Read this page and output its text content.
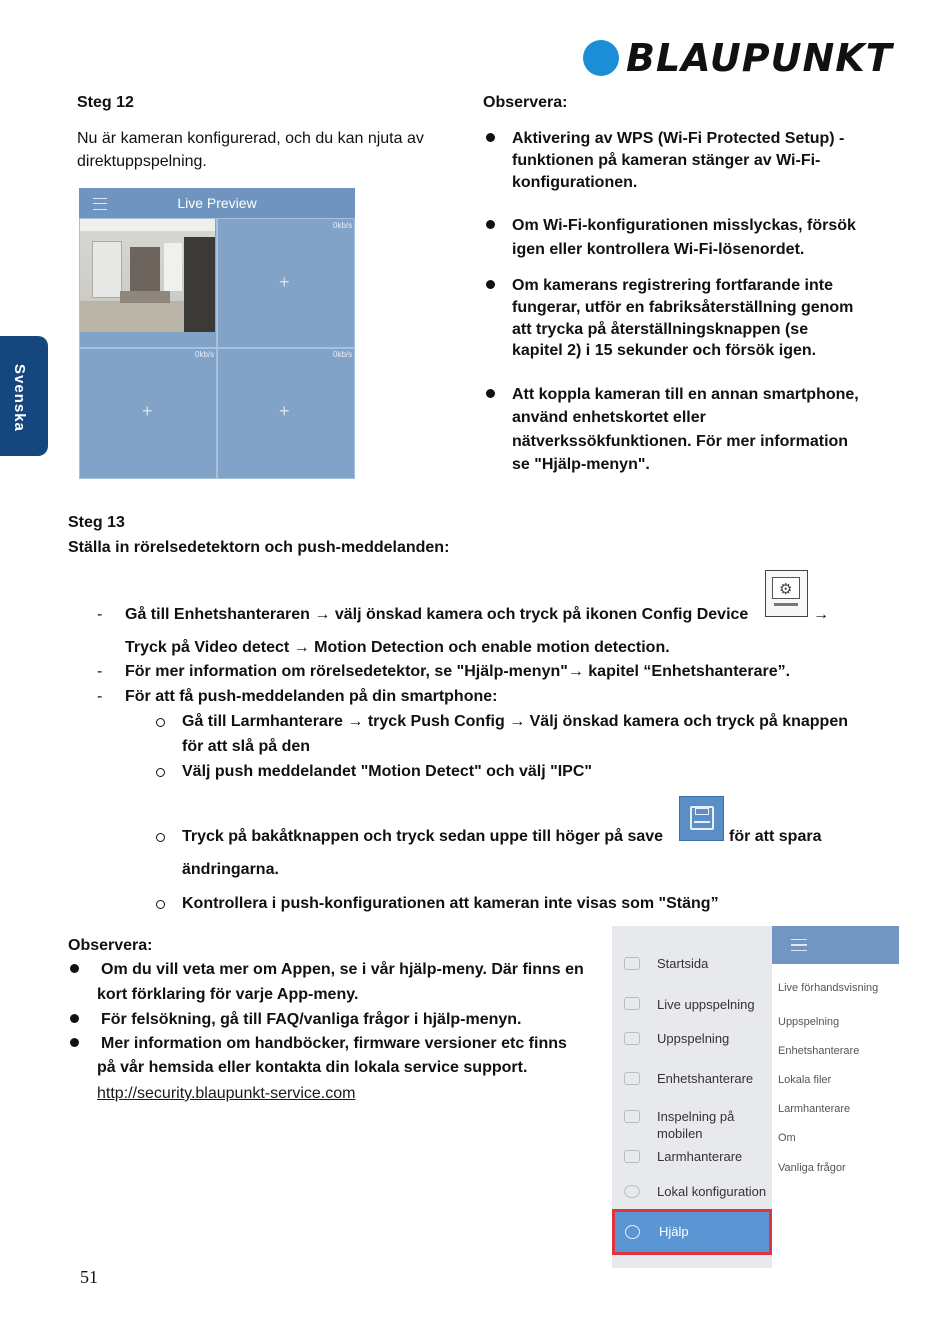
BLAUPUNKT
Svenska
Steg 12
Nu är kameran konfigurerad, och du kan njuta av
direktuppspelning.
Live Preview
0kb/s
0kb/s	0kb/s
+
+	+
Observera:
Aktivering av WPS (Wi-Fi Protected Setup) -
funktionen på kameran stänger av Wi-Fi-
konfigurationen.
Om Wi-Fi-konfigurationen misslyckas, försök
igen eller kontrollera Wi-Fi-lösenordet.
Om kamerans registrering fortfarande inte
fungerar, utför en fabriksåterställning genom
att trycka på återställningsknappen (se
kapitel 2) i 15 sekunder och försök igen.
Att koppla kameran till en annan smartphone,
använd enhetskortet eller
nätverkssökfunktionen. För mer information
se "Hjälp-menyn".
Steg 13
Ställa in rörelsedetektorn och push-meddelanden:
- Gå till Enhetshanteraren → välj önskad kamera och tryck på ikonen Config Device
⚙
→
Tryck på Video detect → Motion Detection och enable motion detection.
- För mer information om rörelsedetektor, se "Hjälp-menyn"→ kapitel “Enhetshanterare”.
- För att få push-meddelanden på din smartphone:
Gå till Larmhanterare → tryck Push Config → Välj önskad kamera och tryck på knappen
för att slå på den
Välj push meddelandet "Motion Detect" och välj "IPC"
Tryck på bakåtknappen och tryck sedan uppe till höger på save	för att spara
ändringarna.
Kontrollera i push-konfigurationen att kameran inte visas som "Stäng”
Observera:
Om du vill veta mer om Appen, se i vår hjälp-meny. Där finns en
kort förklaring för varje App-meny.
För felsökning, gå till FAQ/vanliga frågor i hjälp-menyn.
Mer information om handböcker, firmware versioner etc finns
på vår hemsida eller kontakta din lokala service support.
http://security.blaupunkt-service.com
Startsida
Live uppspelning
Uppspelning
Enhetshanterare
Inspelning på
mobilen
Larmhanterare
Lokal konfiguration
Hjälp
Live förhandsvisning
Uppspelning
Enhetshanterare
Lokala filer
Larmhanterare
Om
Vanliga frågor
51
